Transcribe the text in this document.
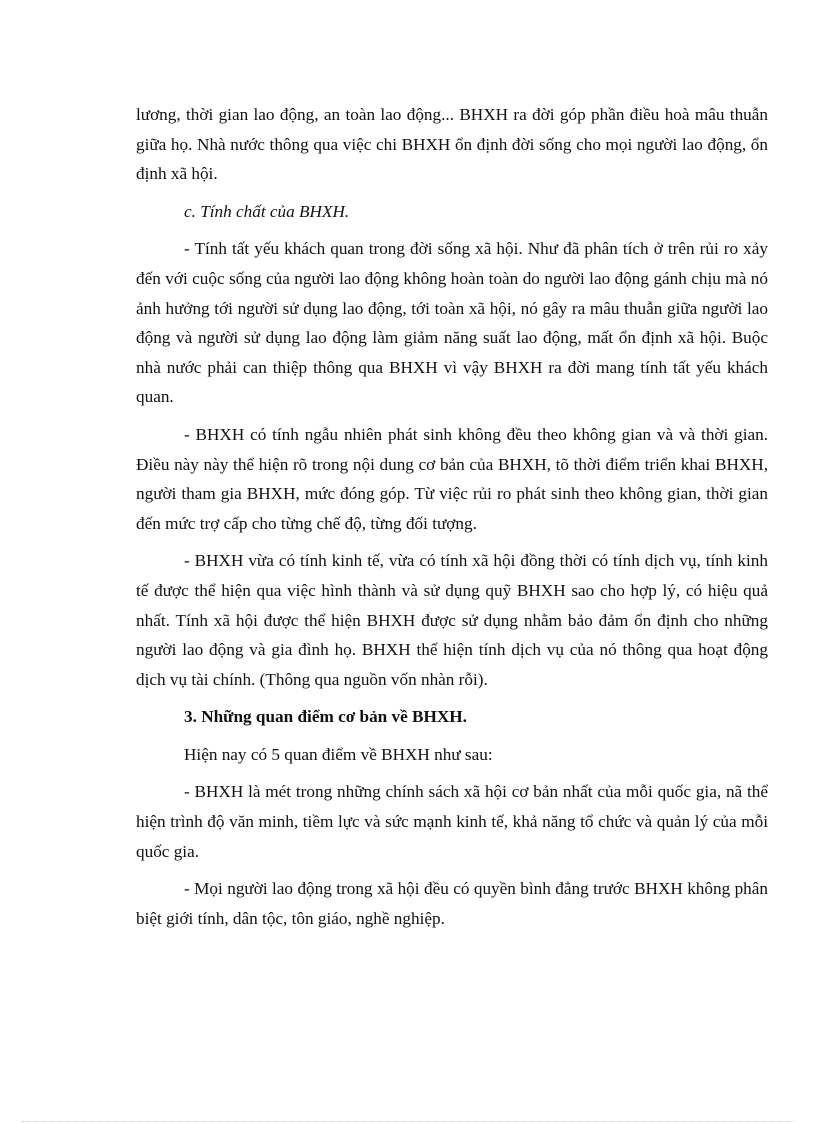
lương, thời gian lao động, an toàn lao động... BHXH ra đời góp phần điều hoà mâu thuẫn giữa họ. Nhà nước thông qua việc chi BHXH ổn định đời sống cho mọi người lao động, ổn định xã hội.

c. Tính chất của BHXH.

- Tính tất yếu khách quan trong đời sống xã hội. Như đã phân tích ở trên rủi ro xảy đến với cuộc sống của người lao động không hoàn toàn do người lao động gánh chịu mà nó ảnh hưởng tới người sử dụng lao động, tới toàn xã hội, nó gây ra mâu thuẫn giữa người lao động và người sử dụng lao động làm giảm năng suất lao động, mất ổn định xã hội. Buộc nhà nước phải can thiệp thông qua BHXH vì vậy BHXH ra đời mang tính tất yếu khách quan.

- BHXH có tính ngẫu nhiên phát sinh không đều theo không gian và và thời gian. Điều này này thể hiện rõ trong nội dung cơ bản của BHXH, tõ thời điểm triển khai BHXH, người tham gia BHXH, mức đóng góp. Từ việc rủi ro phát sinh theo không gian, thời gian đến mức trợ cấp cho từng chế độ, từng đối tượng.

- BHXH vừa có tính kinh tế, vừa có tính xã hội đồng thời có tính dịch vụ, tính kinh tế được thể hiện qua việc hình thành và sử dụng quỹ BHXH sao cho hợp lý, có hiệu quả nhất. Tính xã hội được thể hiện BHXH được sử dụng nhằm bảo đảm ổn định cho những người lao động và gia đình họ. BHXH thể hiện tính dịch vụ của nó thông qua hoạt động dịch vụ tài chính. (Thông qua nguồn vốn nhàn rỗi).

3. Những quan điểm cơ bản về BHXH.

Hiện nay có 5 quan điểm về BHXH như sau:

- BHXH là mét trong những chính sách xã hội cơ bản nhất của mỗi quốc gia, nã thể hiện trình độ văn minh, tiềm lực và sức mạnh kinh tế, khả năng tổ chức và quản lý của mỗi quốc gia.

- Mọi người lao động trong xã hội đều có quyền bình đẳng trước BHXH không phân biệt giới tính, dân tộc, tôn giáo, nghề nghiệp.
